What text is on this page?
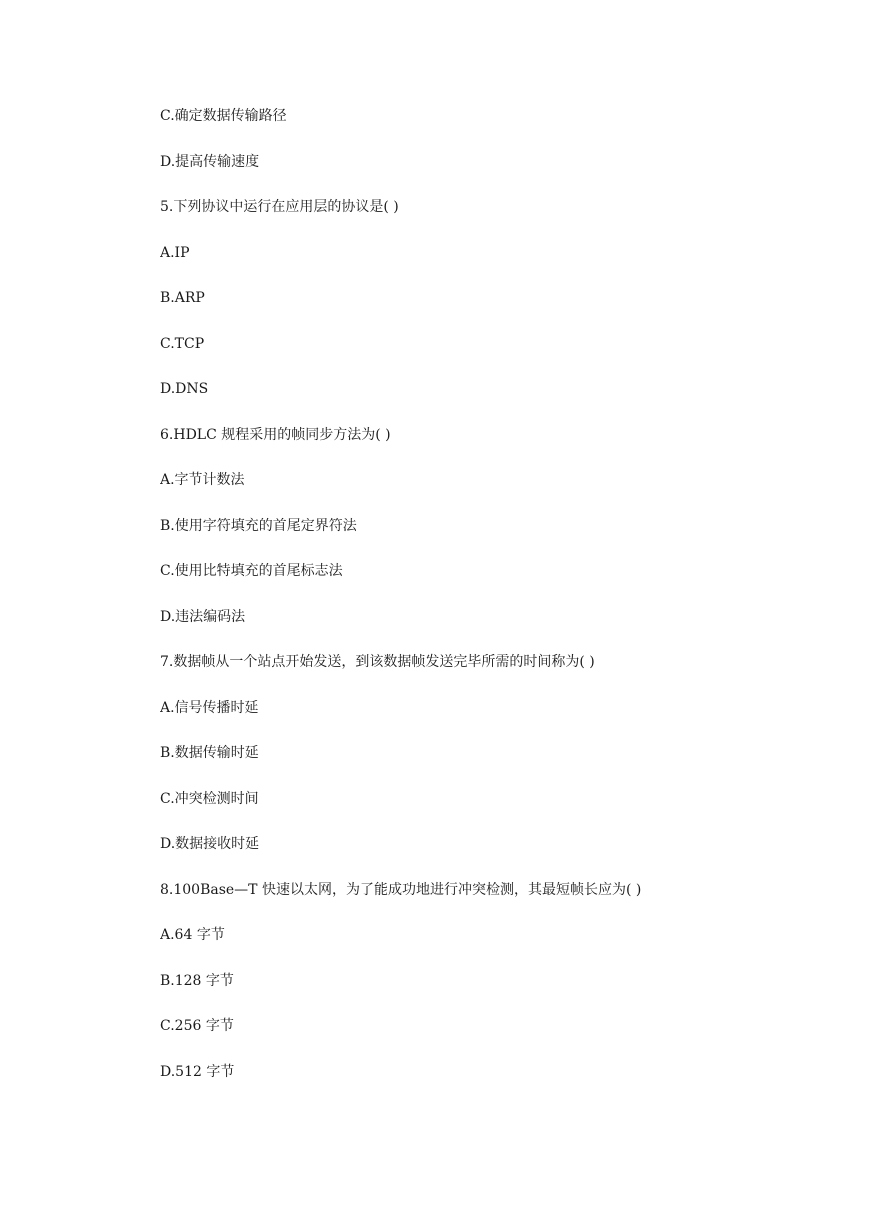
C.确定数据传输路径
D.提高传输速度
5.下列协议中运行在应用层的协议是( )
A.IP
B.ARP
C.TCP
D.DNS
6.HDLC 规程采用的帧同步方法为( )
A.字节计数法
B.使用字符填充的首尾定界符法
C.使用比特填充的首尾标志法
D.违法编码法
7.数据帧从一个站点开始发送，到该数据帧发送完毕所需的时间称为( )
A.信号传播时延
B.数据传输时延
C.冲突检测时间
D.数据接收时延
8.100Base—T 快速以太网，为了能成功地进行冲突检测，其最短帧长应为( )
A.64 字节
B.128 字节
C.256 字节
D.512 字节
